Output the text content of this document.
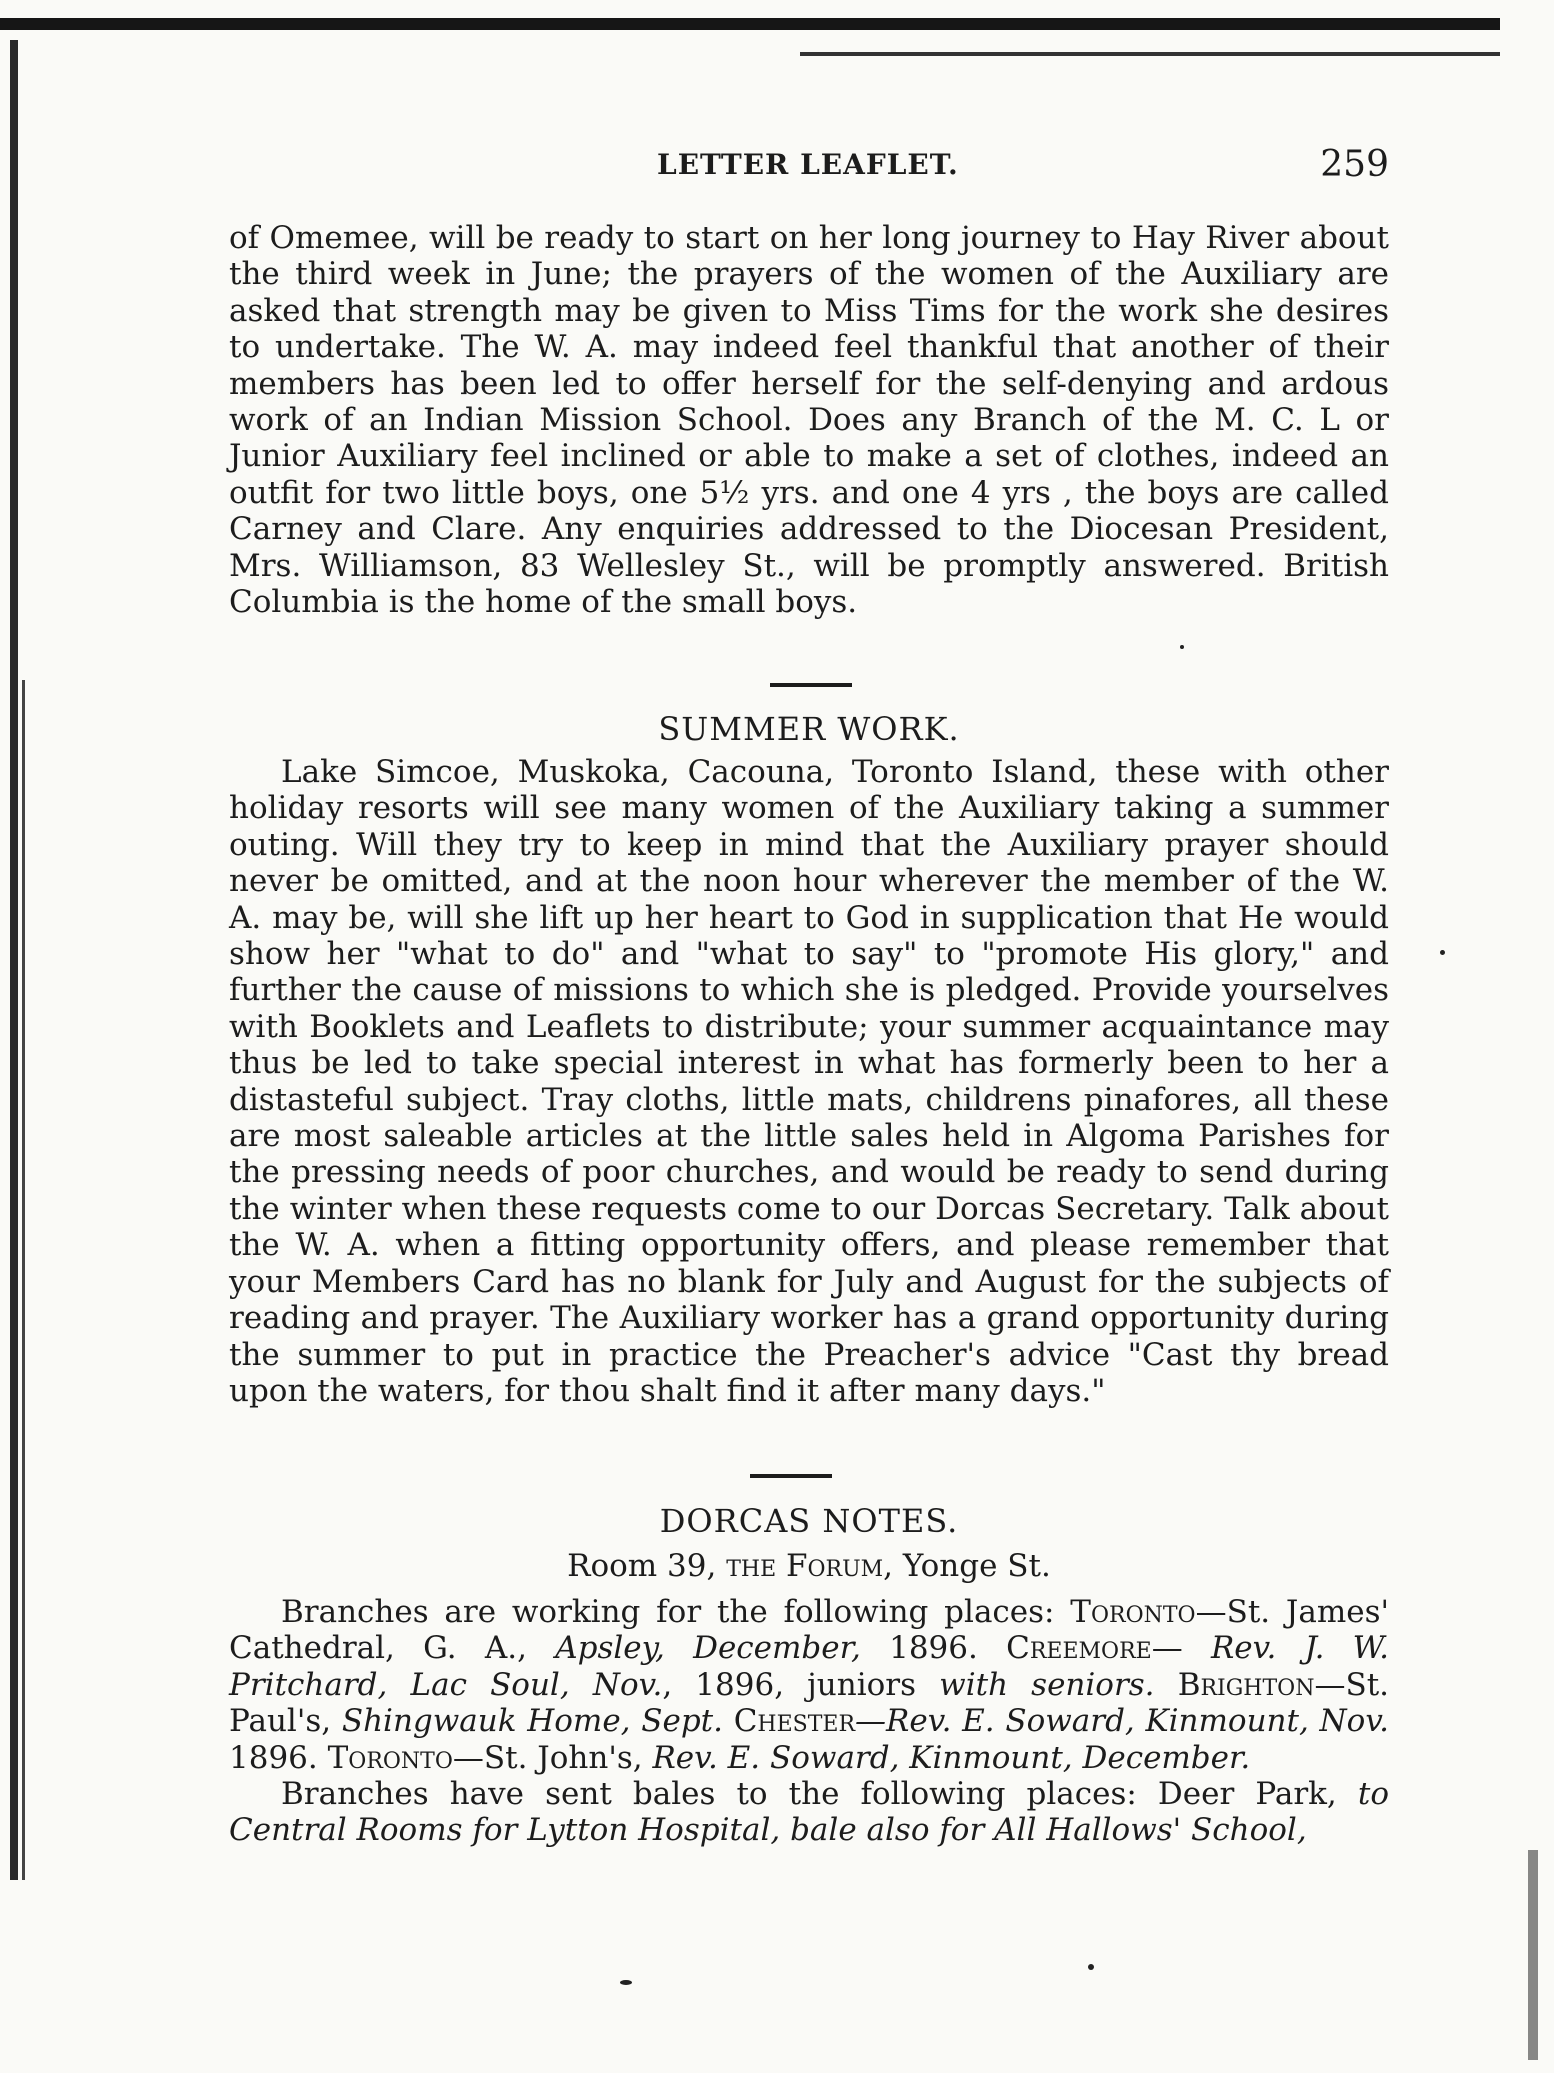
LETTER LEAFLET.	259

of Omemee, will be ready to start on her long journey to Hay River about the third week in June; the prayers of the women of the Auxiliary are asked that strength may be given to Miss Tims for the work she desires to undertake. The W. A. may indeed feel thankful that another of their members has been led to offer herself for the self-denying and ardous work of an Indian Mission School. Does any Branch of the M. C. L or Junior Auxiliary feel inclined or able to make a set of clothes, indeed an outfit for two little boys, one 5½ yrs. and one 4 yrs , the boys are called Carney and Clare. Any enquiries addressed to the Diocesan President, Mrs. Williamson, 83 Wellesley St., will be promptly answered. British Columbia is the home of the small boys.

SUMMER WORK.

Lake Simcoe, Muskoka, Cacouna, Toronto Island, these with other holiday resorts will see many women of the Auxiliary taking a summer outing. Will they try to keep in mind that the Auxiliary prayer should never be omitted, and at the noon hour wherever the member of the W. A. may be, will she lift up her heart to God in supplication that He would show her "what to do" and "what to say" to "promote His glory," and further the cause of missions to which she is pledged. Provide yourselves with Booklets and Leaflets to distribute; your summer acquaintance may thus be led to take special interest in what has formerly been to her a distasteful subject. Tray cloths, little mats, childrens pinafores, all these are most saleable articles at the little sales held in Algoma Parishes for the pressing needs of poor churches, and would be ready to send during the winter when these requests come to our Dorcas Secretary. Talk about the W. A. when a fitting opportunity offers, and please remember that your Members Card has no blank for July and August for the subjects of reading and prayer. The Auxiliary worker has a grand opportunity during the summer to put in practice the Preacher's advice "Cast thy bread upon the waters, for thou shalt find it after many days."

DORCAS NOTES.
Room 39, the Forum, Yonge St.

Branches are working for the following places: Toronto—St. James' Cathedral, G. A., Apsley, December, 1896. Creemore— Rev. J. W. Pritchard, Lac Soul, Nov., 1896, juniors with seniors. Brighton—St. Paul's, Shingwauk Home, Sept. Chester—Rev. E. Soward, Kinmount, Nov. 1896. Toronto—St. John's, Rev. E. Soward, Kinmount, December.

Branches have sent bales to the following places: Deer Park, to Central Rooms for Lytton Hospital, bale also for All Hallows' School,
